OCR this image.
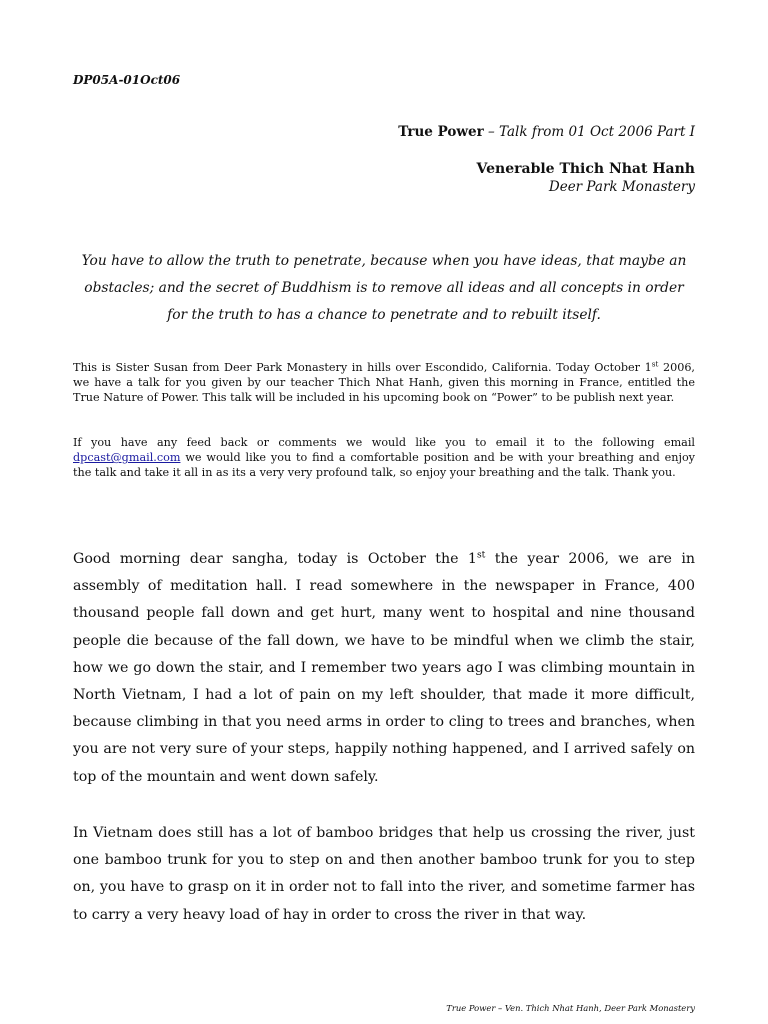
DP05A-01Oct06
True Power – Talk from 01 Oct 2006 Part I
Venerable Thich Nhat Hanh
Deer Park Monastery
You have to allow the truth to penetrate, because when you have ideas, that maybe an obstacles; and the secret of Buddhism is to remove all ideas and all concepts in order for the truth to has a chance to penetrate and to rebuilt itself.
This is Sister Susan from Deer Park Monastery in hills over Escondido, California. Today October 1st 2006, we have a talk for you given by our teacher Thich Nhat Hanh, given this morning in France, entitled the True Nature of Power. This talk will be included in his upcoming book on “Power” to be publish next year.
If you have any feed back or comments we would like you to email it to the following email dpcast@gmail.com we would like you to find a comfortable position and be with your breathing and enjoy the talk and take it all in as its a very very profound talk, so enjoy your breathing and the talk. Thank you.
Good morning dear sangha, today is October the 1st the year 2006, we are in assembly of meditation hall. I read somewhere in the newspaper in France, 400 thousand people fall down and get hurt, many went to hospital and nine thousand people die because of the fall down, we have to be mindful when we climb the stair, how we go down the stair, and I remember two years ago I was climbing mountain in North Vietnam, I had a lot of pain on my left shoulder, that made it more difficult, because climbing in that you need arms in order to cling to trees and branches, when you are not very sure of your steps, happily nothing happened, and I arrived safely on top of the mountain and went down safely.
In Vietnam does still has a lot of bamboo bridges that help us crossing the river, just one bamboo trunk for you to step on and then another bamboo trunk for you to step on, you have to grasp on it in order not to fall into the river, and sometime farmer has to carry a very heavy load of hay in order to cross the river in that way.
True Power – Ven. Thich Nhat Hanh, Deer Park Monastery
